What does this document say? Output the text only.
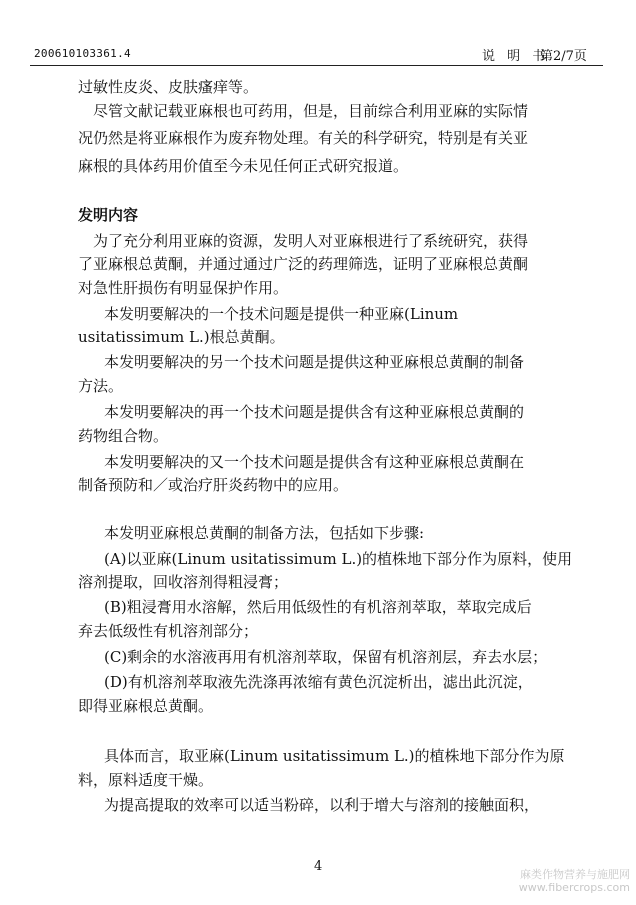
200610103361.4	说 明 书
第2/7页
过敏性皮炎、皮肤瘙痒等。
尽管文献记载亚麻根也可药用，但是，目前综合利用亚麻的实际情
况仍然是将亚麻根作为废弃物处理。有关的科学研究，特别是有关亚
麻根的具体药用价值至今未见任何正式研究报道。
发明内容
为了充分利用亚麻的资源，发明人对亚麻根进行了系统研究，获得
了亚麻根总黄酮，并通过通过广泛的药理筛选，证明了亚麻根总黄酮
对急性肝损伤有明显保护作用。
本发明要解决的一个技术问题是提供一种亚麻(Linum
usitatissimum L.)根总黄酮。
本发明要解决的另一个技术问题是提供这种亚麻根总黄酮的制备
方法。
本发明要解决的再一个技术问题是提供含有这种亚麻根总黄酮的
药物组合物。
本发明要解决的又一个技术问题是提供含有这种亚麻根总黄酮在
制备预防和／或治疗肝炎药物中的应用。
本发明亚麻根总黄酮的制备方法，包括如下步骤:
(A)以亚麻(Linum usitatissimum L.)的植株地下部分作为原料，使用
溶剂提取，回收溶剂得粗浸膏；
(B)粗浸膏用水溶解，然后用低级性的有机溶剂萃取，萃取完成后
弃去低级性有机溶剂部分；
(C)剩余的水溶液再用有机溶剂萃取，保留有机溶剂层，弃去水层；
(D)有机溶剂萃取液先洗涤再浓缩有黄色沉淀析出，滤出此沉淀，
即得亚麻根总黄酮。
具体而言，取亚麻(Linum usitatissimum L.)的植株地下部分作为原
料，原料适度干燥。
为提高提取的效率可以适当粉碎，以利于增大与溶剂的接触面积，
4
麻类作物营养与施肥网 www.fibercrops.com
